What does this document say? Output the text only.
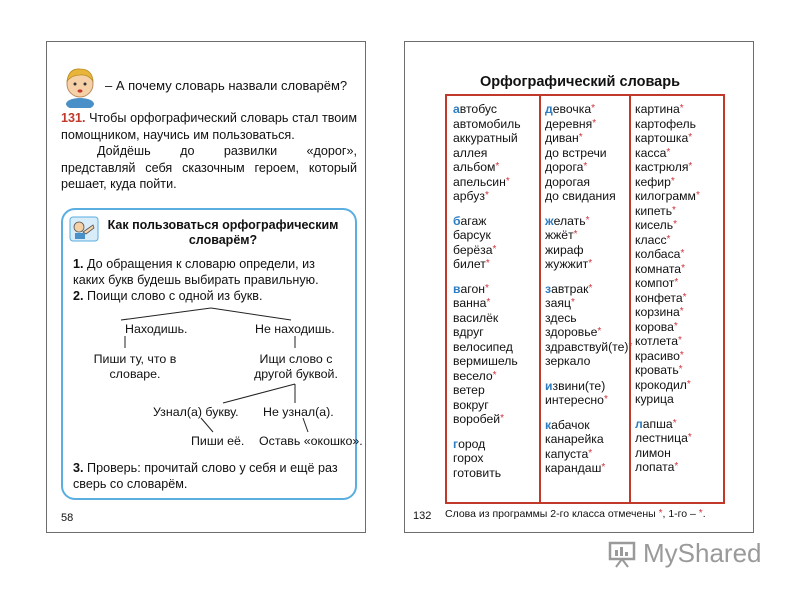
– А почему словарь назвали словарём?
131. Чтобы орфографический словарь стал твоим помощником, научись им пользоваться.
Дойдёшь до развилки «дорог», представляй себя сказочным героем, который решает, куда пойти.
Как пользоваться орфографическим словарём?
1. До обращения к словарю определи, из каких букв будешь выбирать правильную.
2. Поищи слово с одной из букв.
Находишь.	Не находишь.
Пиши ту, что в словаре.
Ищи слово с другой буквой.
Узнал(а) букву. Не узнал(а).
Пиши её. Оставь «окошко».
3. Проверь: прочитай слово у себя и ещё раз сверь со словарём.
58
Орфографический словарь
автобус
автомобиль
аккуратный
аллея
альбом*
апельсин*
арбуз*
багаж
барсук
берёза*
билет*
вагон*
ванна*
василёк
вдруг
велосипед
вермишель
весело*
ветер
вокруг
воробей*
город
горох
готовить
девочка*
деревня*
диван*
до встречи
дорога*
дорогая
до свидания
желать*
жжёт*
жираф
жужжит*
завтрак*
заяц*
здесь
здоровье*
здравствуй(те)*
зеркало
извини(те)
интересно*
кабачок
канарейка
капуста*
карандаш*
картина*
картофель
картошка*
касса*
кастрюля*
кефир*
килограмм*
кипеть*
кисель*
класс*
колбаса*
комната*
компот*
конфета*
корзина*
корова*
котлета*
красиво*
кровать*
крокодил*
курица
лапша*
лестница*
лимон
лопата*
Слова из программы 2-го класса отмечены *, 1-го – *.
132
MyShared
